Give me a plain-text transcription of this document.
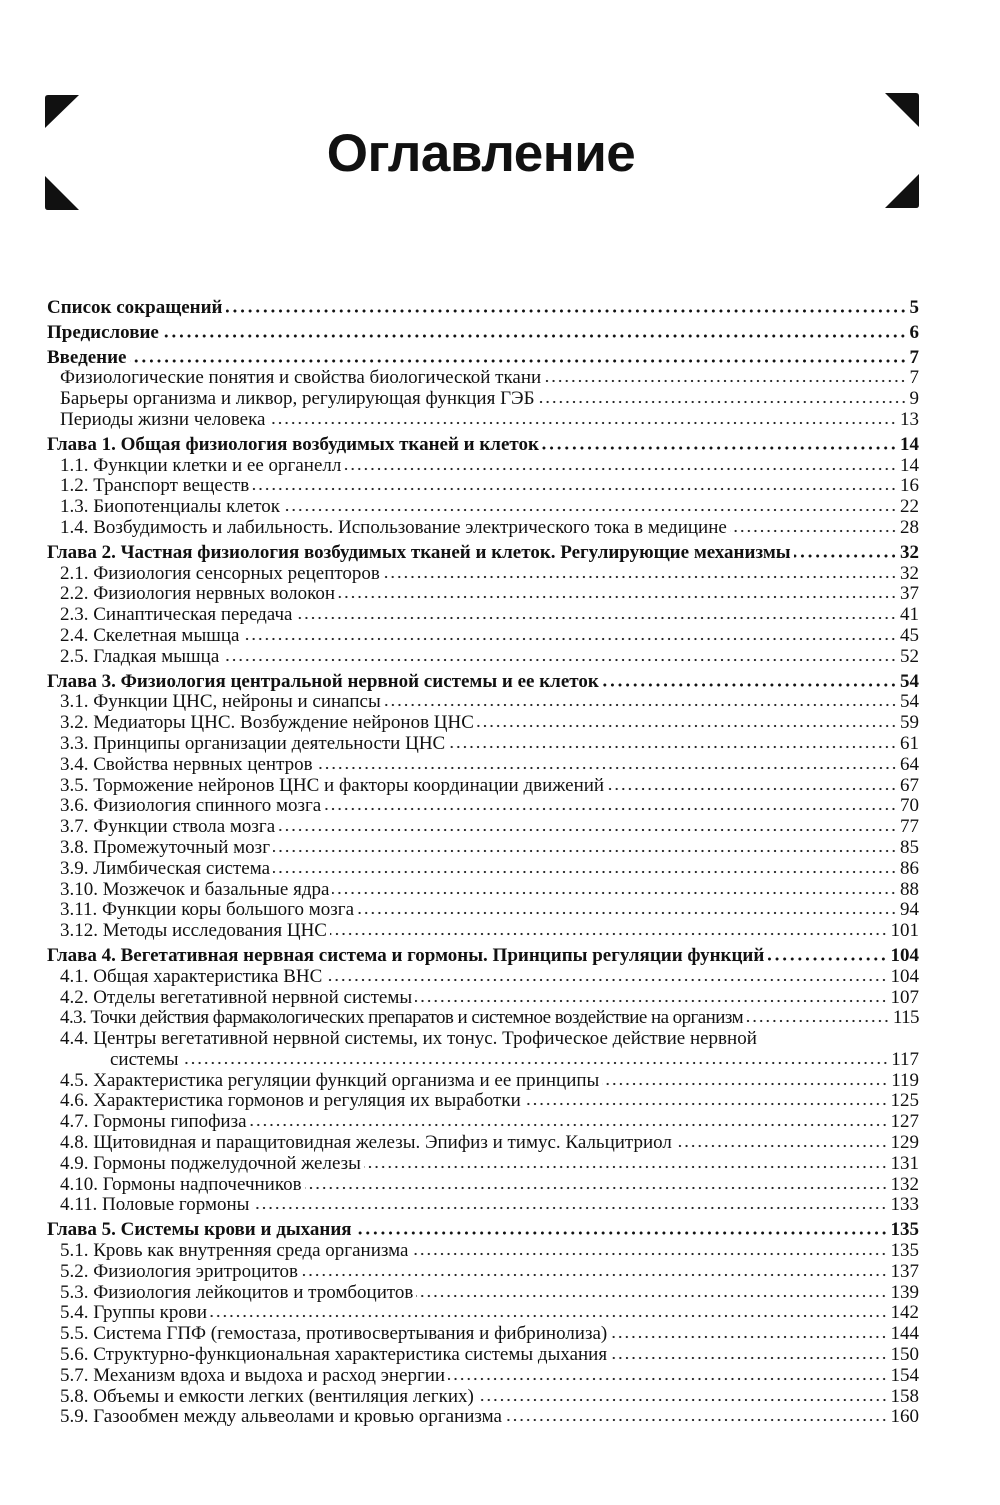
Оглавление
Список сокращений	5
Предисловие	6
Введение	7
Физиологические понятия и свойства биологической ткани	7
Барьеры организма и ликвор, регулирующая функция ГЭБ	9
Периоды жизни человека	13
Глава 1. Общая физиология возбудимых тканей и клеток	14
1.1. Функции клетки и ее органелл	14
1.2. Транспорт веществ	16
1.3. Биопотенциалы клеток	22
1.4. Возбудимость и лабильность. Использование электрического тока в медицине	28
Глава 2. Частная физиология возбудимых тканей и клеток. Регулирующие механизмы	32
2.1. Физиология сенсорных рецепторов	32
2.2. Физиология нервных волокон	37
2.3. Синаптическая передача	41
2.4. Скелетная мышца	45
2.5. Гладкая мышца	52
Глава 3. Физиология центральной нервной системы и ее клеток	54
3.1. Функции ЦНС, нейроны и синапсы	54
3.2. Медиаторы ЦНС. Возбуждение нейронов ЦНС	59
3.3. Принципы организации деятельности ЦНС	61
3.4. Свойства нервных центров	64
3.5. Торможение нейронов ЦНС и факторы координации движений	67
3.6. Физиология спинного мозга	70
3.7. Функции ствола мозга	77
3.8. Промежуточный мозг	85
3.9. Лимбическая система	86
3.10. Мозжечок и базальные ядра	88
3.11. Функции коры большого мозга	94
3.12. Методы исследования ЦНС	101
Глава 4. Вегетативная нервная система и гормоны. Принципы регуляции функций	104
4.1. Общая характеристика ВНС	104
4.2. Отделы вегетативной нервной системы	107
4.3. Точки действия фармакологических препаратов и системное воздействие на организм	115
4.4. Центры вегетативной нервной системы, их тонус. Трофическое действие нервной
системы	117
4.5. Характеристика регуляции функций организма и ее принципы	119
4.6. Характеристика гормонов и регуляция их выработки	125
4.7. Гормоны гипофиза	127
4.8. Щитовидная и паращитовидная железы. Эпифиз и тимус. Кальцитриол	129
4.9. Гормоны поджелудочной железы	131
4.10. Гормоны надпочечников	132
4.11. Половые гормоны	133
Глава 5. Системы крови и дыхания	135
5.1. Кровь как внутренняя среда организма	135
5.2. Физиология эритроцитов	137
5.3. Физиология лейкоцитов и тромбоцитов	139
5.4. Группы крови	142
5.5. Система ГПФ (гемостаза, противосвертывания и фибринолиза)	144
5.6. Структурно-функциональная характеристика системы дыхания	150
5.7. Механизм вдоха и выдоха и расход энергии	154
5.8. Объемы и емкости легких (вентиляция легких)	158
5.9. Газообмен между альвеолами и кровью организма	160
